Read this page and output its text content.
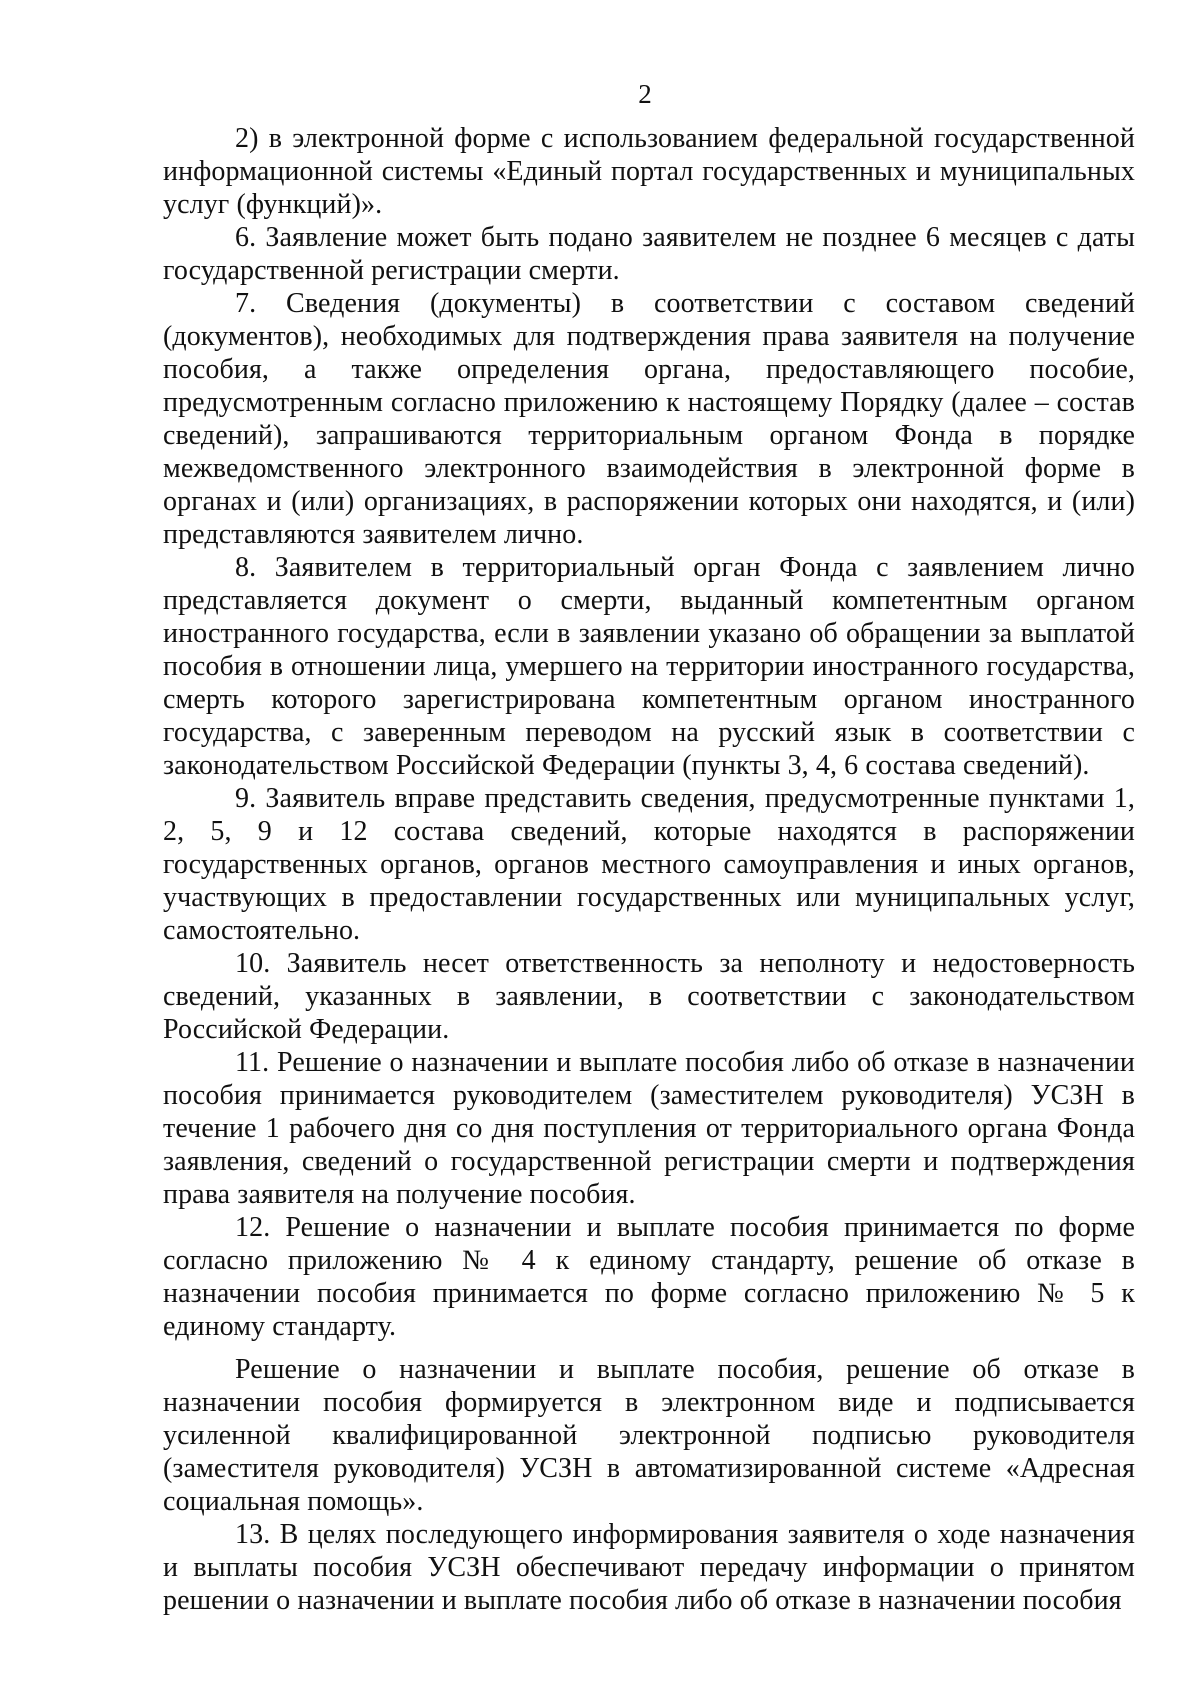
2

2) в электронной форме с использованием федеральной государственной информационной системы «Единый портал государственных и муниципальных услуг (функций)».

6. Заявление может быть подано заявителем не позднее 6 месяцев с даты государственной регистрации смерти.

7. Сведения (документы) в соответствии с составом сведений (документов), необходимых для подтверждения права заявителя на получение пособия, а также определения органа, предоставляющего пособие, предусмотренным согласно приложению к настоящему Порядку (далее – состав сведений), запрашиваются территориальным органом Фонда в порядке межведомственного электронного взаимодействия в электронной форме в органах и (или) организациях, в распоряжении которых они находятся, и (или) представляются заявителем лично.

8. Заявителем в территориальный орган Фонда с заявлением лично представляется документ о смерти, выданный компетентным органом иностранного государства, если в заявлении указано об обращении за выплатой пособия в отношении лица, умершего на территории иностранного государства, смерть которого зарегистрирована компетентным органом иностранного государства, с заверенным переводом на русский язык в соответствии с законодательством Российской Федерации (пункты 3, 4, 6 состава сведений).

9. Заявитель вправе представить сведения, предусмотренные пунктами 1, 2, 5, 9 и 12 состава сведений, которые находятся в распоряжении государственных органов, органов местного самоуправления и иных органов, участвующих в предоставлении государственных или муниципальных услуг, самостоятельно.

10. Заявитель несет ответственность за неполноту и недостоверность сведений, указанных в заявлении, в соответствии с законодательством Российской Федерации.

11. Решение о назначении и выплате пособия либо об отказе в назначении пособия принимается руководителем (заместителем руководителя) УСЗН в течение 1 рабочего дня со дня поступления от территориального органа Фонда заявления, сведений о государственной регистрации смерти и подтверждения права заявителя на получение пособия.

12. Решение о назначении и выплате пособия принимается по форме согласно приложению № 4 к единому стандарту, решение об отказе в назначении пособия принимается по форме согласно приложению № 5 к единому стандарту.

Решение о назначении и выплате пособия, решение об отказе в назначении пособия формируется в электронном виде и подписывается усиленной квалифицированной электронной подписью руководителя (заместителя руководителя) УСЗН в автоматизированной системе «Адресная социальная помощь».

13. В целях последующего информирования заявителя о ходе назначения и выплаты пособия УСЗН обеспечивают передачу информации о принятом решении о назначении и выплате пособия либо об отказе в назначении пособия
